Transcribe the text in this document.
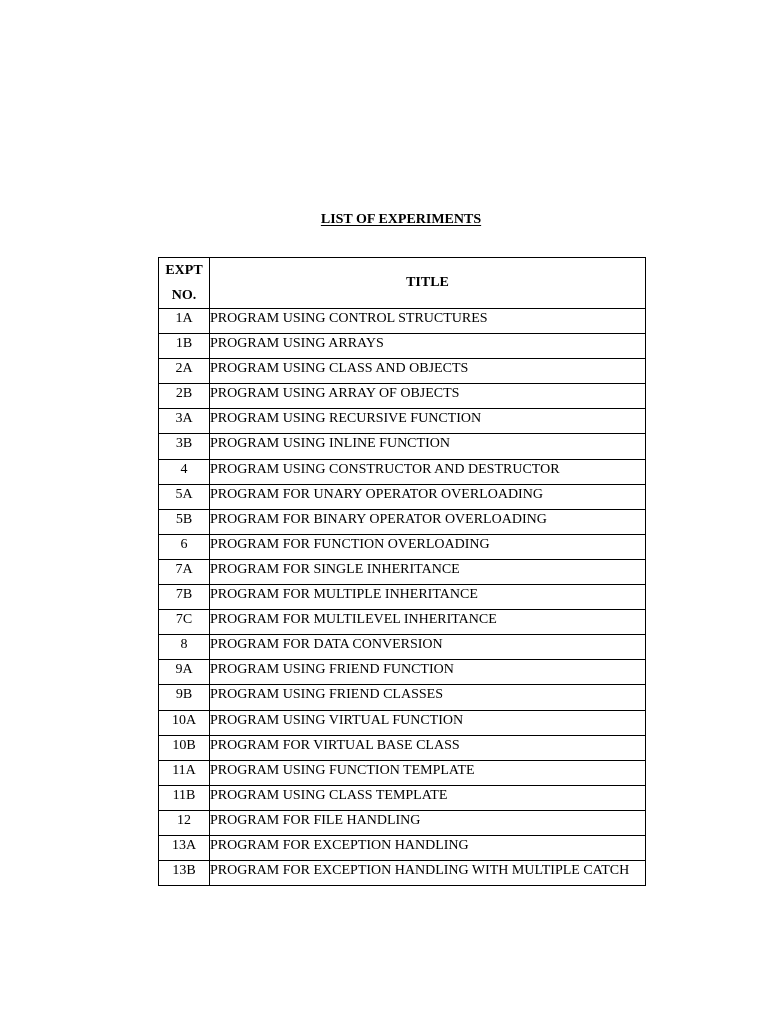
LIST OF EXPERIMENTS
EXPT
NO.	TITLE
1A	PROGRAM USING CONTROL STRUCTURES
1B	PROGRAM USING ARRAYS
2A	PROGRAM USING CLASS AND OBJECTS
2B	PROGRAM USING ARRAY OF OBJECTS
3A	PROGRAM USING RECURSIVE FUNCTION
3B	PROGRAM USING INLINE FUNCTION
4	PROGRAM USING CONSTRUCTOR AND DESTRUCTOR
5A	PROGRAM FOR UNARY OPERATOR OVERLOADING
5B	PROGRAM FOR BINARY OPERATOR OVERLOADING
6	PROGRAM FOR FUNCTION OVERLOADING
7A	PROGRAM FOR SINGLE INHERITANCE
7B	PROGRAM FOR MULTIPLE INHERITANCE
7C	PROGRAM FOR MULTILEVEL INHERITANCE
8	PROGRAM FOR DATA CONVERSION
9A	PROGRAM USING FRIEND FUNCTION
9B	PROGRAM USING FRIEND CLASSES
10A	PROGRAM USING VIRTUAL FUNCTION
10B	PROGRAM FOR VIRTUAL BASE CLASS
11A	PROGRAM USING FUNCTION TEMPLATE
11B	PROGRAM USING CLASS TEMPLATE
12	PROGRAM FOR FILE HANDLING
13A	PROGRAM FOR EXCEPTION HANDLING
13B	PROGRAM FOR EXCEPTION HANDLING WITH MULTIPLE CATCH
